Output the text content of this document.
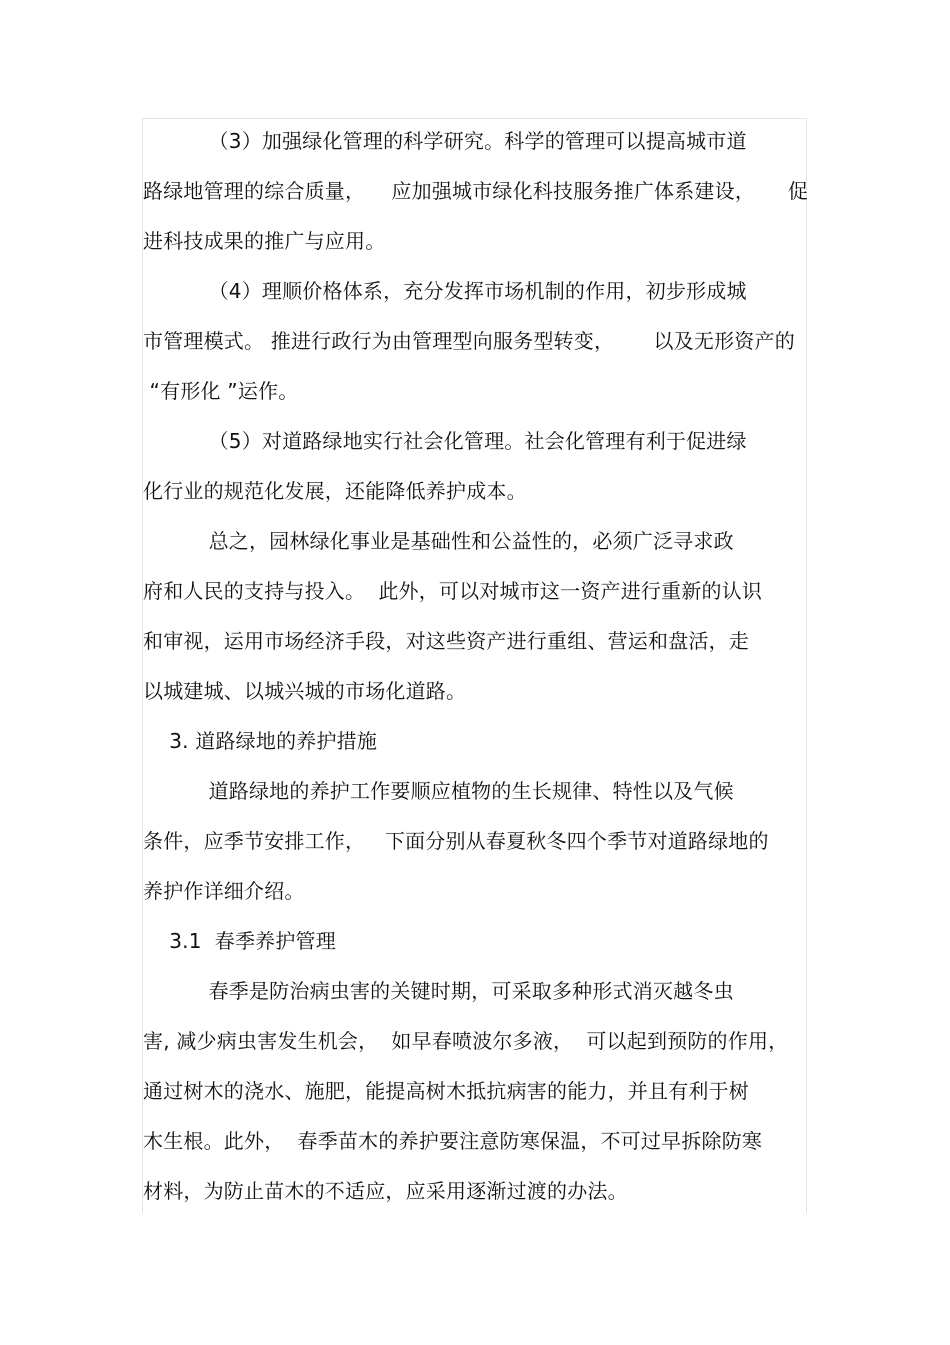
（3）加强绿化管理的科学研究。科学的管理可以提高城市道
路绿地管理的综合质量，    应加强城市绿化科技服务推广体系建设，     促
进科技成果的推广与应用。
（4）理顺价格体系，充分发挥市场机制的作用，初步形成城
市管理模式。 推进行政行为由管理型向服务型转变，      以及无形资产的
“有形化 ”运作。
（5）对道路绿地实行社会化管理。社会化管理有利于促进绿
化行业的规范化发展，还能降低养护成本。
总之，园林绿化事业是基础性和公益性的，必须广泛寻求政
府和人民的支持与投入。  此外，可以对城市这一资产进行重新的认识
和审视，运用市场经济手段，对这些资产进行重组、营运和盘活，走
以城建城、以城兴城的市场化道路。
3. 道路绿地的养护措施
道路绿地的养护工作要顺应植物的生长规律、特性以及气候
条件，应季节安排工作，   下面分别从春夏秋冬四个季节对道路绿地的
养护作详细介绍。
3.1  春季养护管理
春季是防治病虫害的关键时期，可采取多种形式消灭越冬虫
害, 减少病虫害发生机会，  如早春喷波尔多液，  可以起到预防的作用，
通过树木的浇水、施肥，能提高树木抵抗病害的能力，并且有利于树
木生根。此外，  春季苗木的养护要注意防寒保温，不可过早拆除防寒
材料，为防止苗木的不适应，应采用逐渐过渡的办法。
